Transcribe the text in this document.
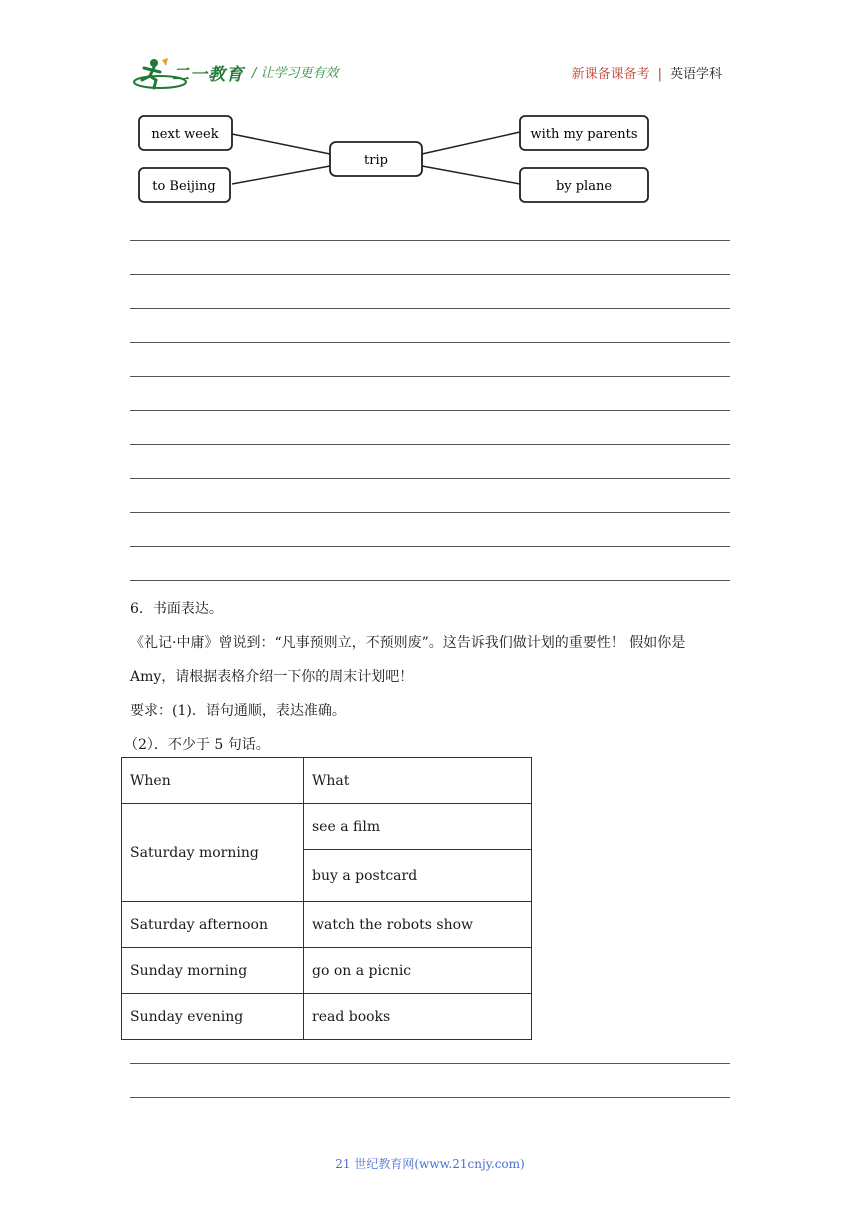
二一教育 / 让学习更有效	新课备课备考 | 英语学科
next week
to Beijing
trip
with my parents
by plane
6．书面表达。
《礼记·中庸》曾说到：“凡事预则立，不预则废”。这告诉我们做计划的重要性！ 假如你是
Amy，请根据表格介绍一下你的周末计划吧！
要求：(1)．语句通顺，表达准确。
（2）．不少于 5 句话。
When	What
Saturday morning	see a film
	buy a postcard
Saturday afternoon	watch the robots show
Sunday morning	go on a picnic
Sunday evening	read books
21 世纪教育网(www.21cnjy.com)
